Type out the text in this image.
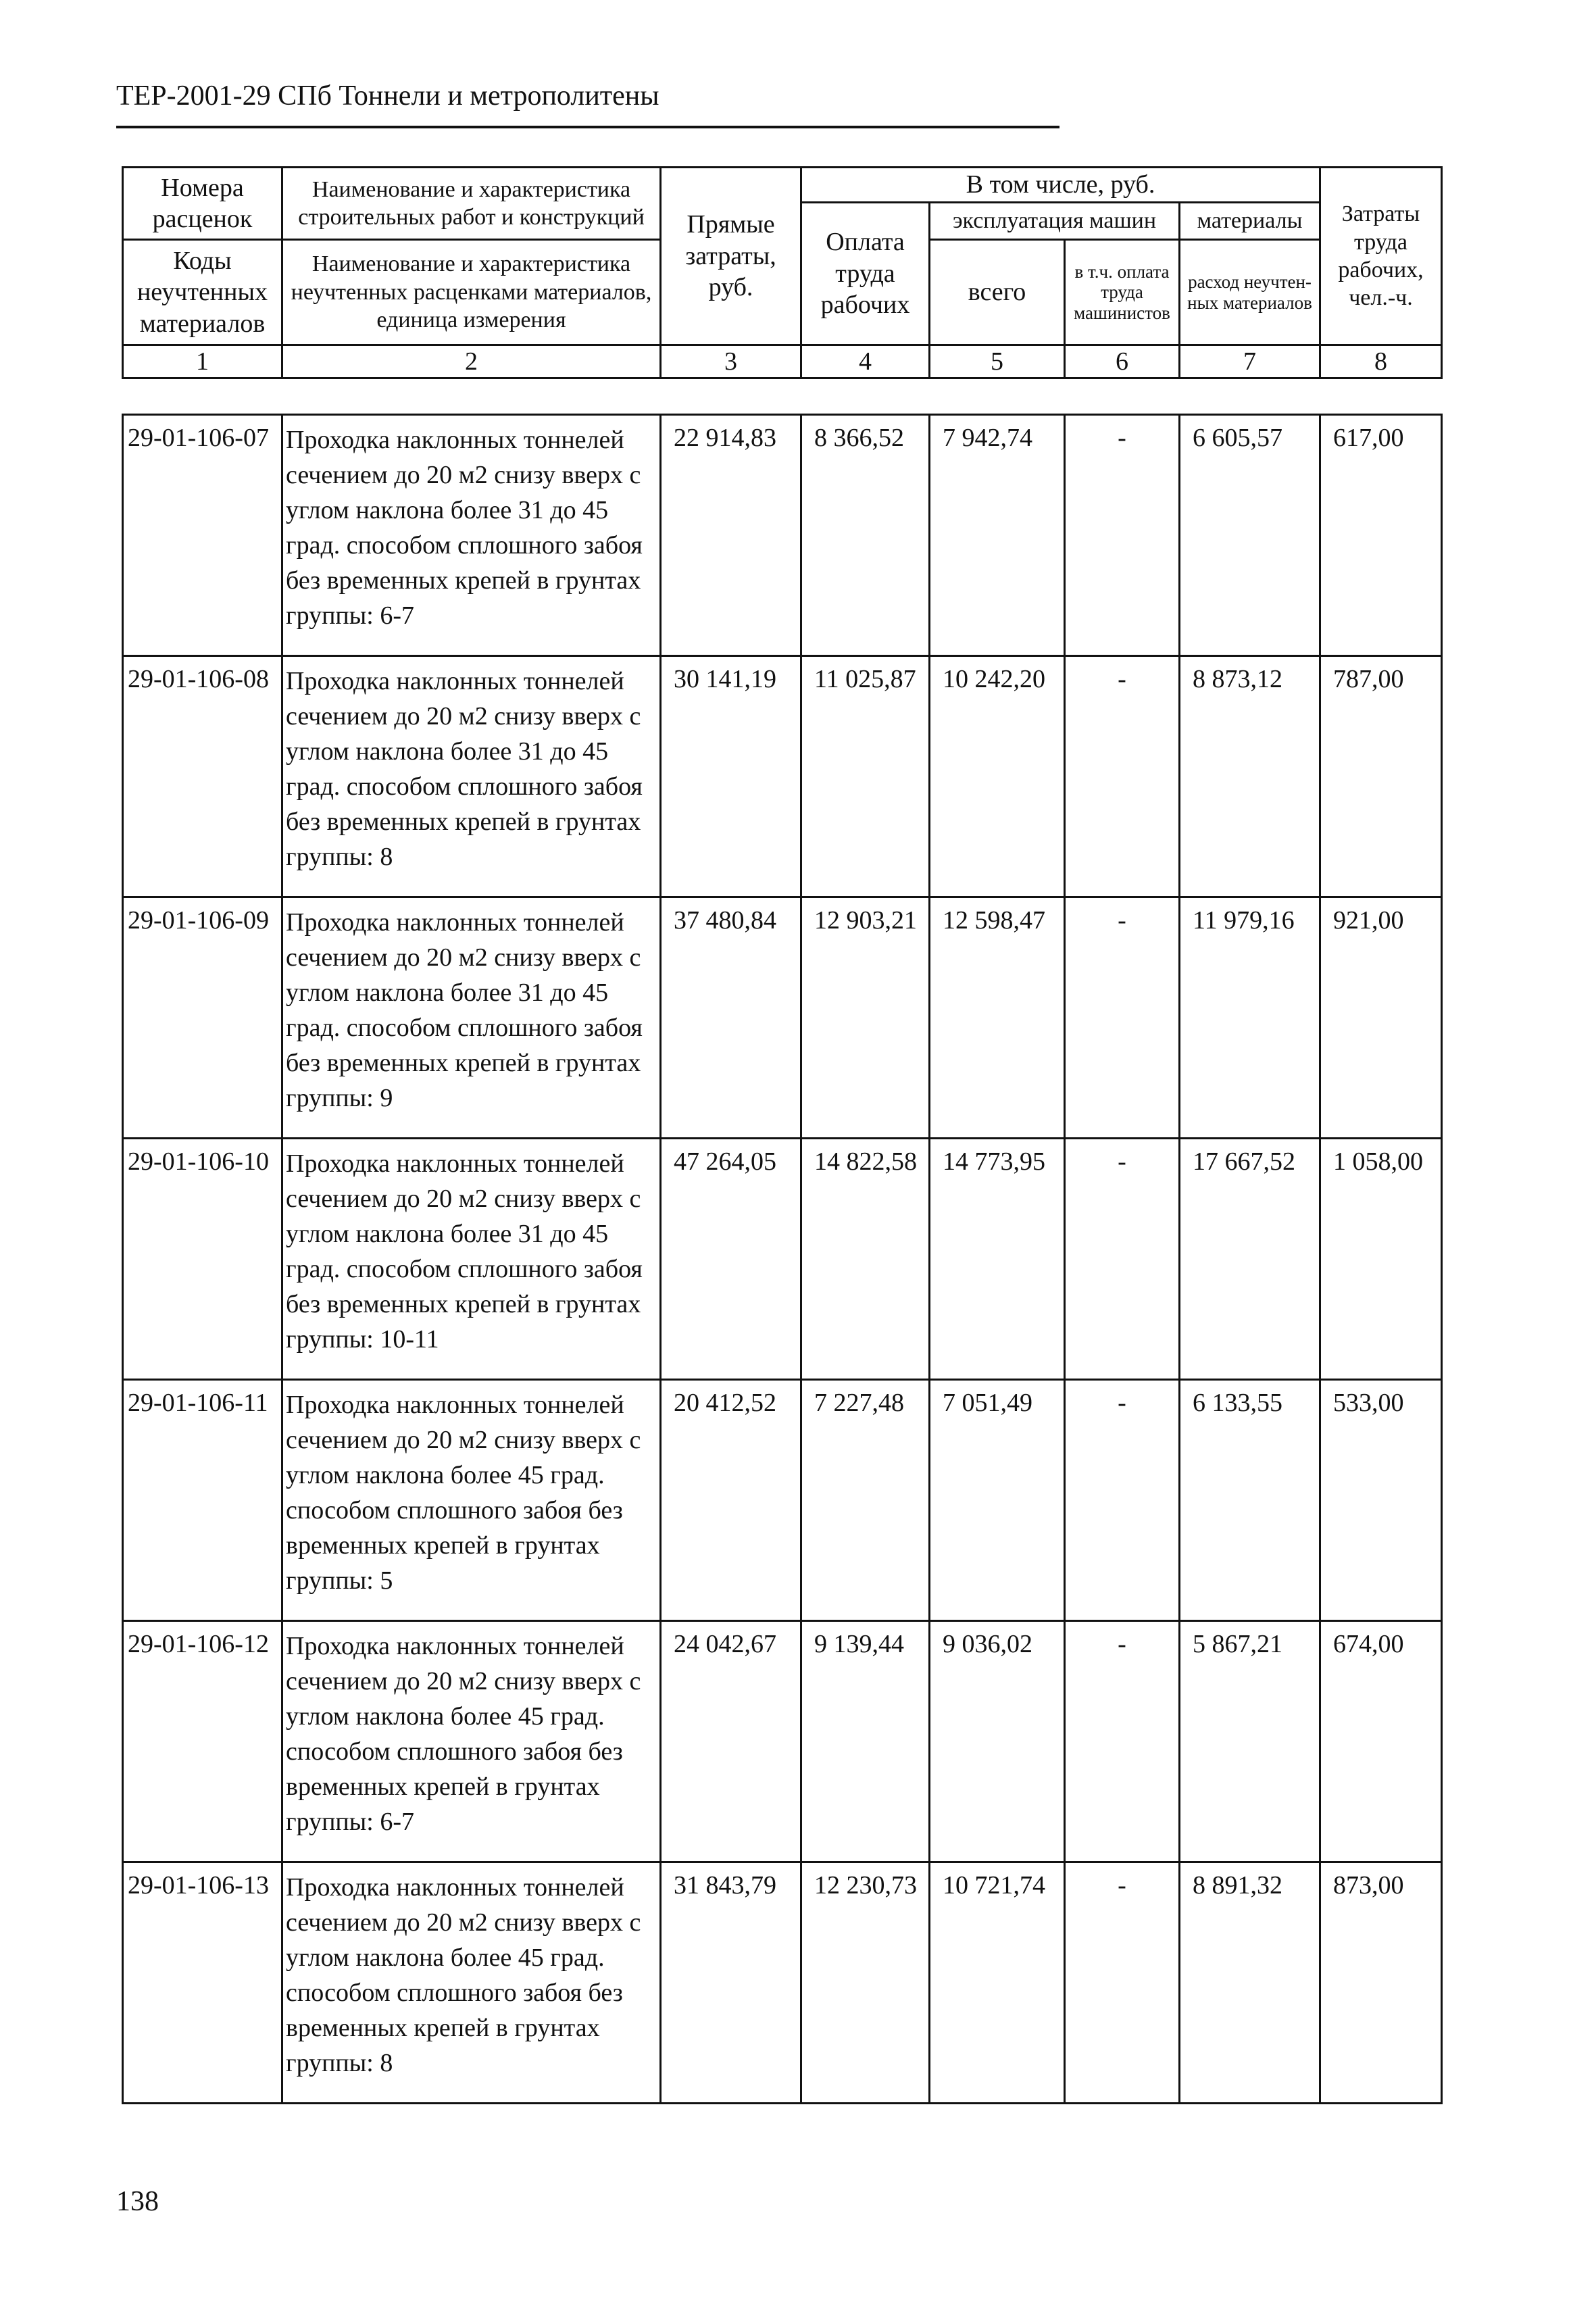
ТЕР-2001-29 СПб Тоннели и метрополитены
Номера расценок	Наименование и характеристика строительных работ и конструкций	Прямые затраты, руб.	В том числе, руб.				Затраты труда рабочих, чел.-ч.
			Оплата труда рабочих	эксплуатация машин		материалы	
Коды неучтенных материалов	Наименование и характеристика неучтенных расценками материалов, единица измерения			всего	в т.ч. оплата труда машинистов	расход неучтен-ных материалов	

1	2	3	4	5	6	7	8
29-01-106-07	Проходка наклонных тоннелей сечением до 20 м2 снизу вверх с углом наклона более 31 до 45 град. способом сплошного забоя без временных крепей в грунтах группы: 6-7	22 914,83	8 366,52	7 942,74	-	6 605,57	617,00
29-01-106-08	Проходка наклонных тоннелей сечением до 20 м2 снизу вверх с углом наклона более 31 до 45 град. способом сплошного забоя без временных крепей в грунтах группы: 8	30 141,19	11 025,87	10 242,20	-	8 873,12	787,00
29-01-106-09	Проходка наклонных тоннелей сечением до 20 м2 снизу вверх с углом наклона более 31 до 45 град. способом сплошного забоя без временных крепей в грунтах группы: 9	37 480,84	12 903,21	12 598,47	-	11 979,16	921,00
29-01-106-10	Проходка наклонных тоннелей сечением до 20 м2 снизу вверх с углом наклона более 31 до 45 град. способом сплошного забоя без временных крепей в грунтах группы: 10-11	47 264,05	14 822,58	14 773,95	-	17 667,52	1 058,00
29-01-106-11	Проходка наклонных тоннелей сечением до 20 м2 снизу вверх с углом наклона более 45 град. способом сплошного забоя без временных крепей в грунтах группы: 5	20 412,52	7 227,48	7 051,49	-	6 133,55	533,00
29-01-106-12	Проходка наклонных тоннелей сечением до 20 м2 снизу вверх с углом наклона более 45 град. способом сплошного забоя без временных крепей в грунтах группы: 6-7	24 042,67	9 139,44	9 036,02	-	5 867,21	674,00
29-01-106-13	Проходка наклонных тоннелей сечением до 20 м2 снизу вверх с углом наклона более 45 град. способом сплошного забоя без временных крепей в грунтах группы: 8	31 843,79	12 230,73	10 721,74	-	8 891,32	873,00
138
